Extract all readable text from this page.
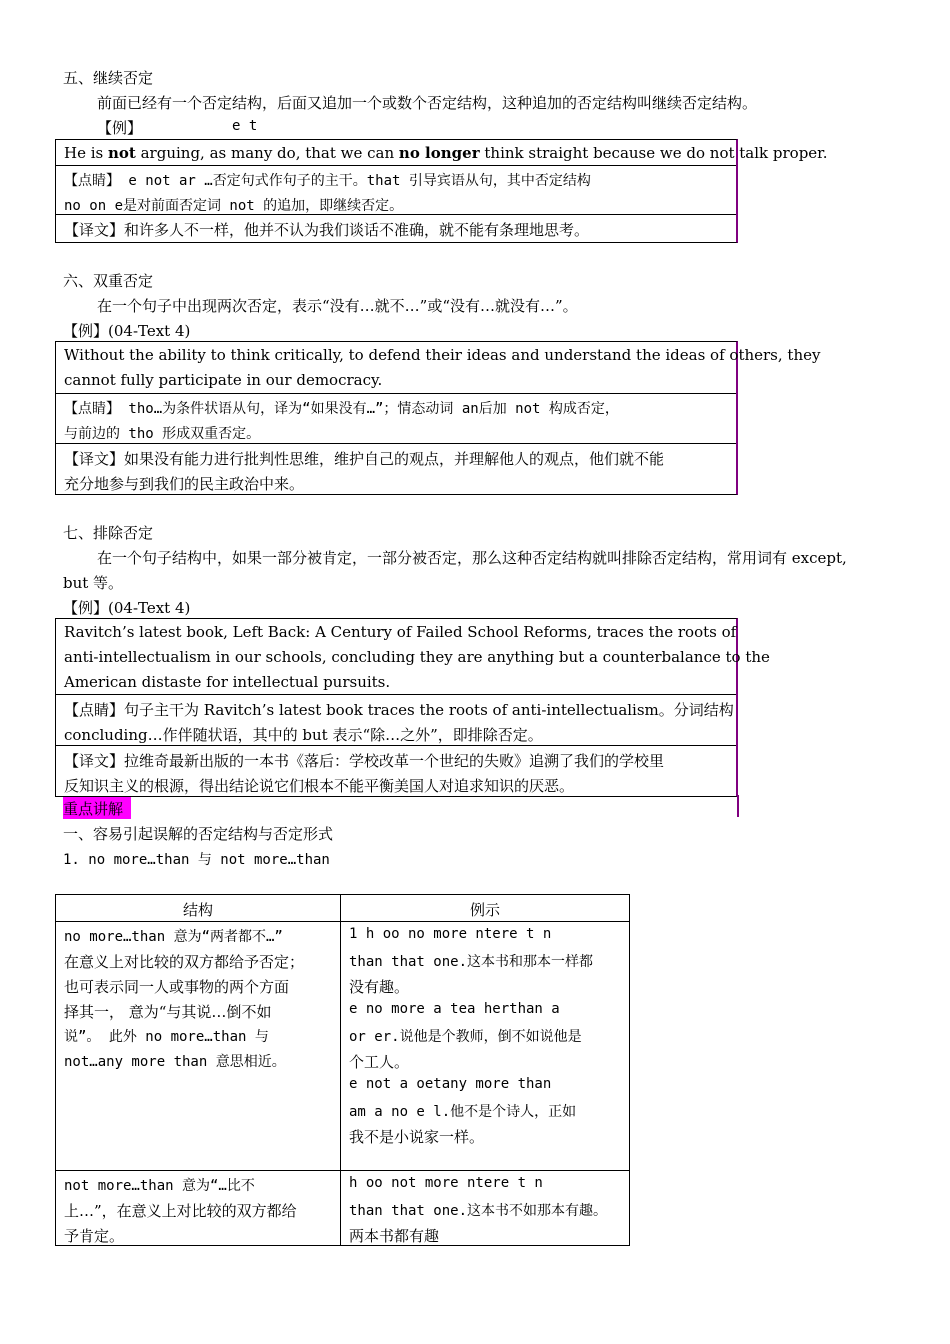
五、继续否定
前面已经有一个否定结构，后面又追加一个或数个否定结构，这种追加的否定结构叫继续否定结构。
【例】	e t
He is not arguing, as many do, that we can no longer think straight because we do not talk proper.
【点睛】 e not ar …否定句式作句子的主干。that 引导宾语从句，其中否定结构
no on e是对前面否定词 not 的追加，即继续否定。
【译文】和许多人不一样，他并不认为我们谈话不准确，就不能有条理地思考。
六、双重否定
在一个句子中出现两次否定，表示“没有…就不…”或“没有…就没有…”。
【例】(04-Text 4)
Without the ability to think critically, to defend their ideas and understand the ideas of others, they
cannot fully participate in our democracy.
【点睛】 tho…为条件状语从句，译为“如果没有…”；情态动词 an后加 not 构成否定，
与前边的 tho 形成双重否定。
【译文】如果没有能力进行批判性思维，维护自己的观点，并理解他人的观点，他们就不能
充分地参与到我们的民主政治中来。
七、排除否定
在一个句子结构中，如果一部分被肯定，一部分被否定，那么这种否定结构就叫排除否定结构，常用词有 except,
but 等。
【例】(04-Text 4)
Ravitch’s latest book, Left Back: A Century of Failed School Reforms, traces the roots of
anti-intellectualism in our schools, concluding they are anything but a counterbalance to the
American distaste for intellectual pursuits.
【点睛】句子主干为 Ravitch’s latest book traces the roots of anti-intellectualism。分词结构
concluding…作伴随状语，其中的 but 表示“除…之外”，即排除否定。
【译文】拉维奇最新出版的一本书《落后：学校改革一个世纪的失败》追溯了我们的学校里
反知识主义的根源，得出结论说它们根本不能平衡美国人对追求知识的厌恶。
重点讲解
一、容易引起误解的否定结构与否定形式
1. no more…than 与 not more…than
结构	例示
no more…than 意为“两者都不…”
在意义上对比较的双方都给予否定；
也可表示同一人或事物的两个方面
择其一， 意为“与其说…倒不如
说”。 此外 no more…than 与
not…any more than 意思相近。
1 h oo no more ntere t n
than that one.这本书和那本一样都
没有趣。
e no more a tea herthan a
or er.说他是个教师，倒不如说他是
个工人。
e not a oetany more than
am a no e l.他不是个诗人，正如
我不是小说家一样。
not more…than 意为“…比不
上…”，在意义上对比较的双方都给
予肯定。
h oo not more ntere t n
than that one.这本书不如那本有趣。
两本书都有趣
